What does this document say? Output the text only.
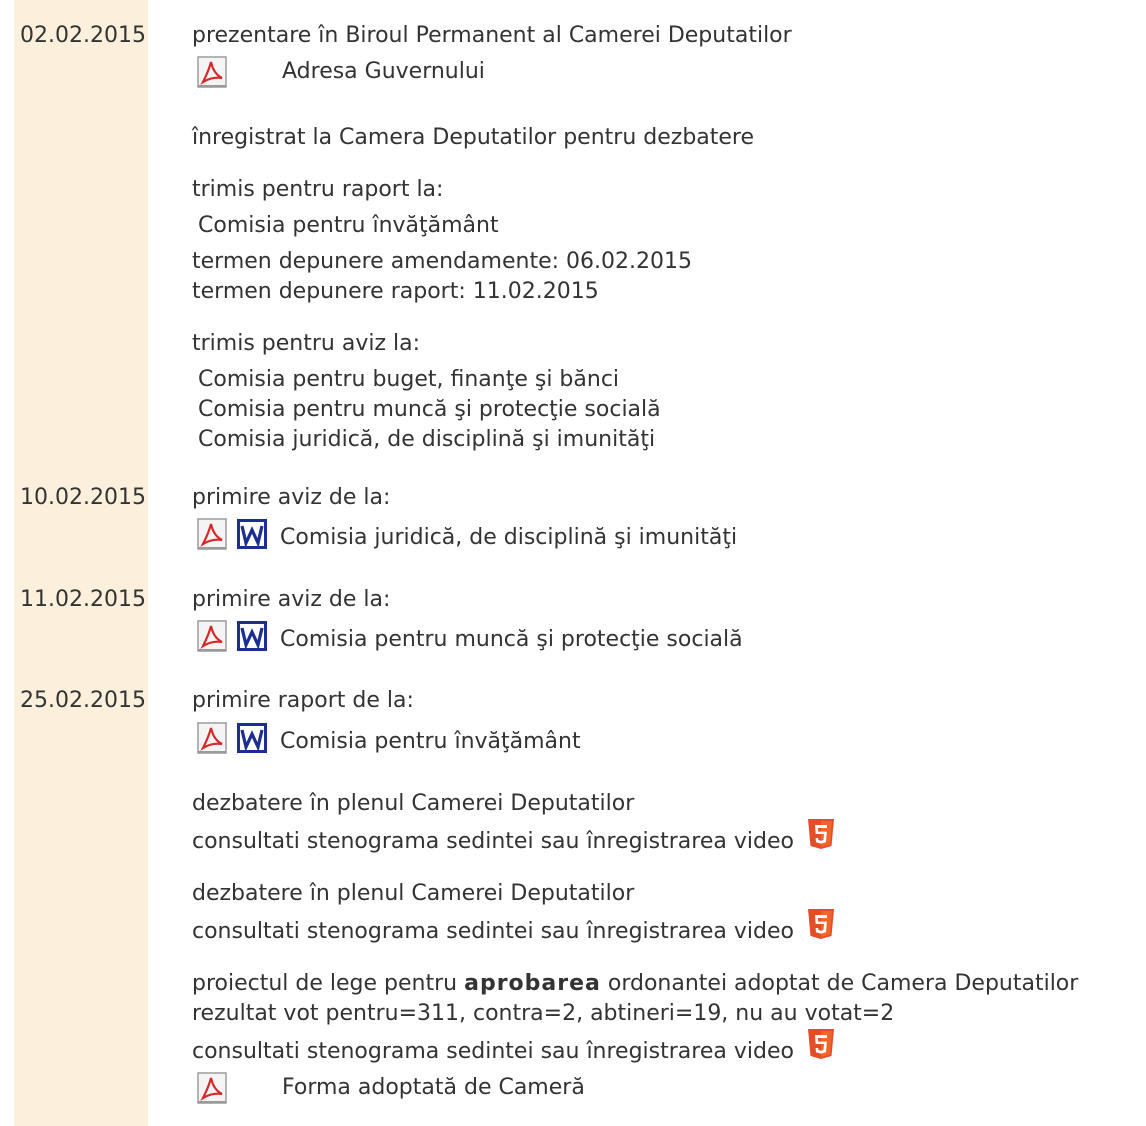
02.02.2015
10.02.2015
11.02.2015
25.02.2015
prezentare în Biroul Permanent al Camerei Deputatilor
Adresa Guvernului
înregistrat la Camera Deputatilor pentru dezbatere
trimis pentru raport la:
Comisia pentru învăţământ
termen depunere amendamente: 06.02.2015
termen depunere raport: 11.02.2015
trimis pentru aviz la:
Comisia pentru buget, finanţe şi bănci
Comisia pentru muncă şi protecţie socială
Comisia juridică, de disciplină şi imunităţi
primire aviz de la:
Comisia juridică, de disciplină şi imunităţi
primire aviz de la:
Comisia pentru muncă şi protecţie socială
primire raport de la:
Comisia pentru învăţământ
dezbatere în plenul Camerei Deputatilor
consultati stenograma sedintei sau înregistrarea video
dezbatere în plenul Camerei Deputatilor
consultati stenograma sedintei sau înregistrarea video
proiectul de lege pentru aprobarea ordonantei adoptat de Camera Deputatilor
rezultat vot pentru=311, contra=2, abtineri=19, nu au votat=2
consultati stenograma sedintei sau înregistrarea video
Forma adoptată de Cameră
